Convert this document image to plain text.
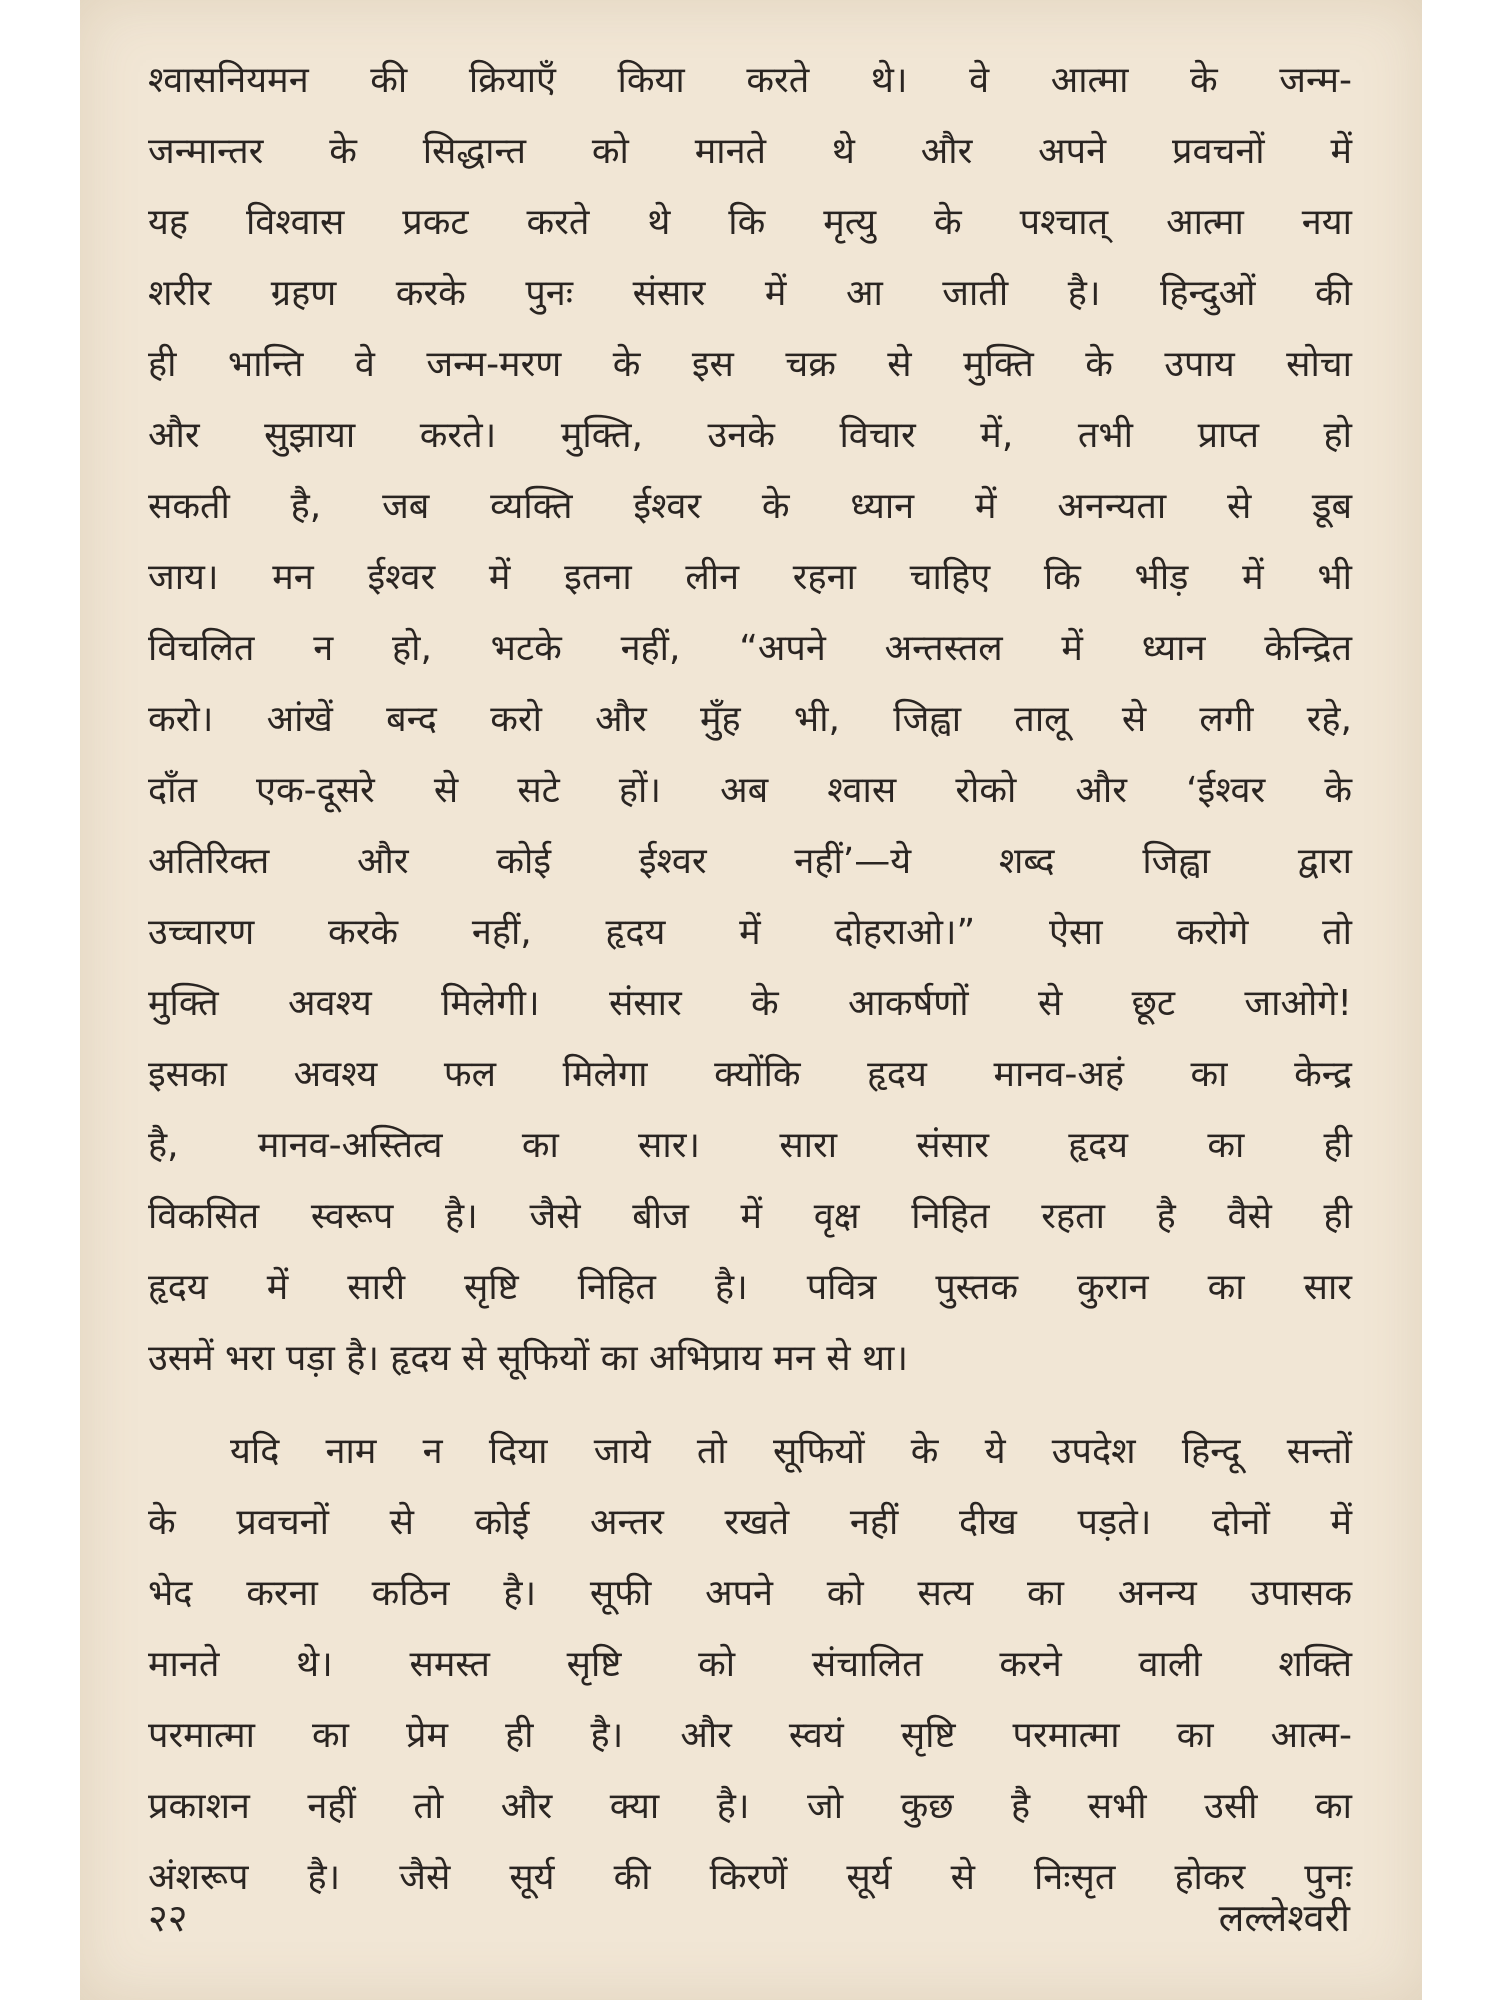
श्वासनियमन की क्रियाएँ किया करते थे। वे आत्मा के जन्म-
जन्मान्तर के सिद्धान्त को मानते थे और अपने प्रवचनों में
यह विश्वास प्रकट करते थे कि मृत्यु के पश्चात् आत्मा नया
शरीर ग्रहण करके पुनः संसार में आ जाती है। हिन्दुओं की
ही भान्ति वे जन्म-मरण के इस चक्र से मुक्ति के उपाय सोचा
और सुझाया करते। मुक्ति, उनके विचार में, तभी प्राप्त हो
सकती है, जब व्यक्ति ईश्वर के ध्यान में अनन्यता से डूब
जाय। मन ईश्वर में इतना लीन रहना चाहिए कि भीड़ में भी
विचलित न हो, भटके नहीं, “अपने अन्तस्तल में ध्यान केन्द्रित
करो। आंखें बन्द करो और मुँह भी, जिह्वा तालू से लगी रहे,
दाँत एक-दूसरे से सटे हों। अब श्वास रोको और ‘ईश्वर के
अतिरिक्त और कोई ईश्वर नहीं’—ये शब्द जिह्वा द्वारा
उच्चारण करके नहीं, हृदय में दोहराओ।” ऐसा करोगे तो
मुक्ति अवश्य मिलेगी। संसार के आकर्षणों से छूट जाओगे!
इसका अवश्य फल मिलेगा क्योंकि हृदय मानव-अहं का केन्द्र
है, मानव-अस्तित्व का सार। सारा संसार हृदय का ही
विकसित स्वरूप है। जैसे बीज में वृक्ष निहित रहता है वैसे ही
हृदय में सारी सृष्टि निहित है। पवित्र पुस्तक कुरान का सार
उसमें भरा पड़ा है। हृदय से सूफियों का अभिप्राय मन से था।
यदि नाम न दिया जाये तो सूफियों के ये उपदेश हिन्दू सन्तों
के प्रवचनों से कोई अन्तर रखते नहीं दीख पड़ते। दोनों में
भेद करना कठिन है। सूफी अपने को सत्य का अनन्य उपासक
मानते थे। समस्त सृष्टि को संचालित करने वाली शक्ति
परमात्मा का प्रेम ही है। और स्वयं सृष्टि परमात्मा का आत्म-
प्रकाशन नहीं तो और क्या है। जो कुछ है सभी उसी का
अंशरूप है। जैसे सूर्य की किरणें सूर्य से निःसृत होकर पुनः
२२	लल्लेश्वरी
